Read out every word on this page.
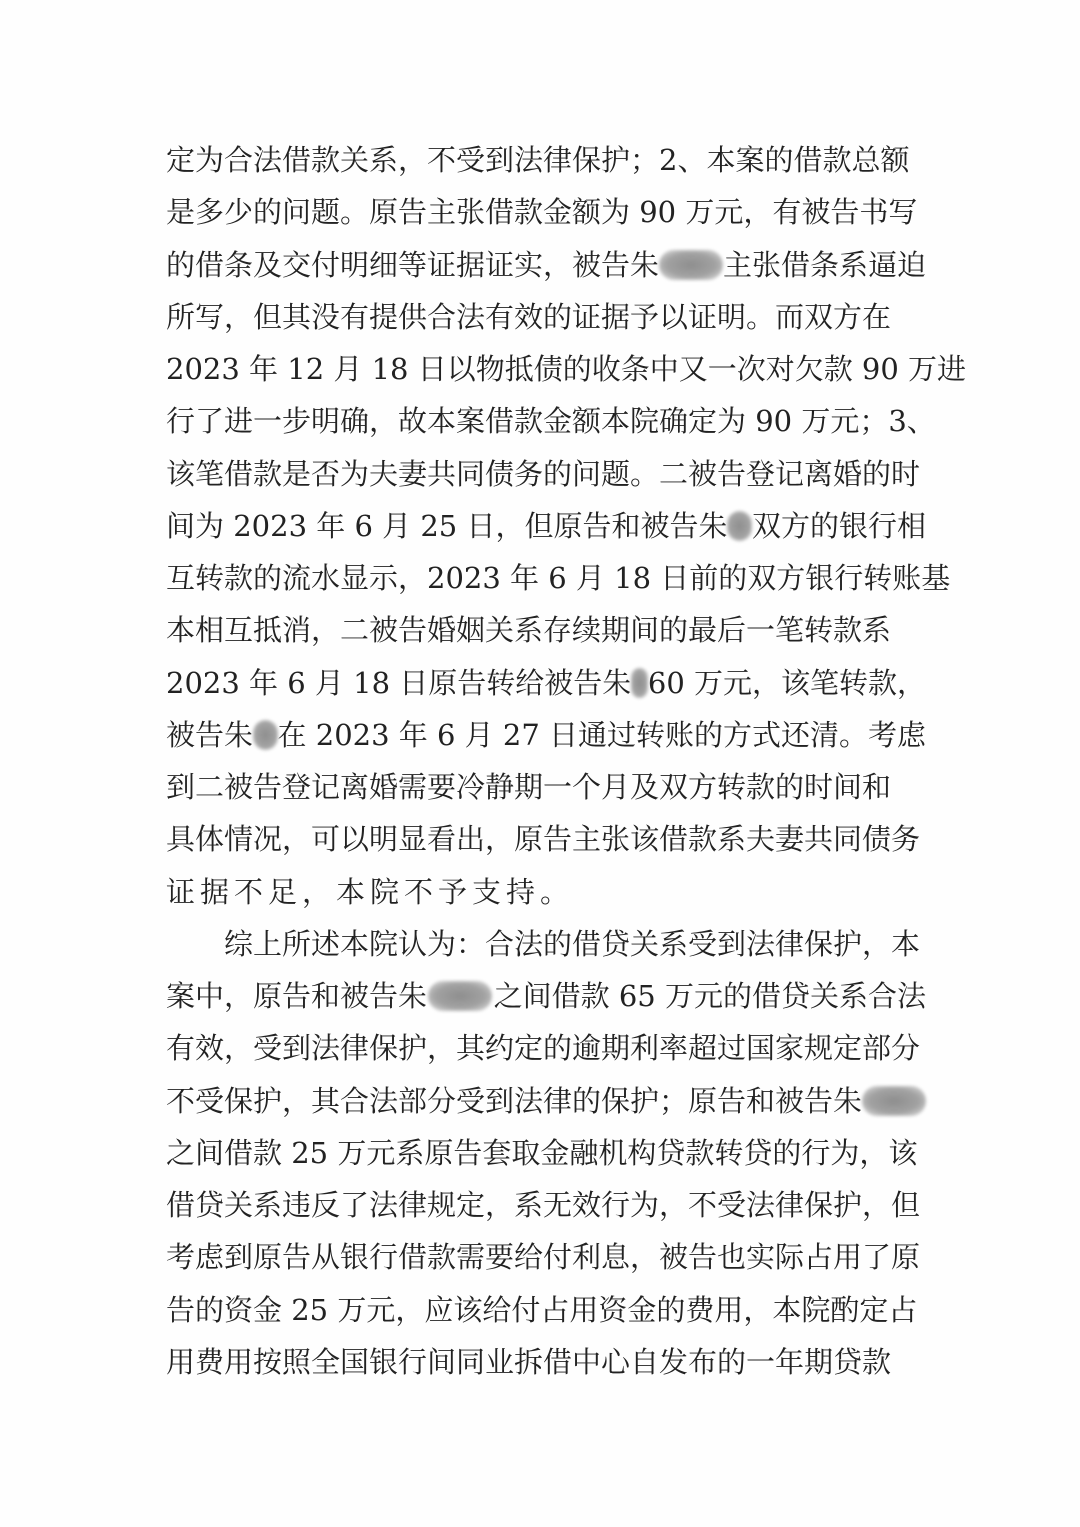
定为合法借款关系，不受到法律保护；2、本案的借款总额
是多少的问题。原告主张借款金额为 90 万元，有被告书写
的借条及交付明细等证据证实，被告朱 主张借条系逼迫
所写，但其没有提供合法有效的证据予以证明。而双方在
2023 年 12 月 18 日以物抵债的收条中又一次对欠款 90 万进
行了进一步明确，故本案借款金额本院确定为 90 万元；3、
该笔借款是否为夫妻共同债务的问题。二被告登记离婚的时
间为 2023 年 6 月 25 日，但原告和被告朱 双方的银行相
互转款的流水显示，2023 年 6 月 18 日前的双方银行转账基
本相互抵消，二被告婚姻关系存续期间的最后一笔转款系
2023 年 6 月 18 日原告转给被告朱 60 万元，该笔转款，
被告朱 在 2023 年 6 月 27 日通过转账的方式还清。考虑
到二被告登记离婚需要冷静期一个月及双方转款的时间和
具体情况，可以明显看出，原告主张该借款系夫妻共同债务
证据不足，本院不予支持。
综上所述本院认为：合法的借贷关系受到法律保护，本
案中，原告和被告朱 之间借款 65 万元的借贷关系合法
有效，受到法律保护，其约定的逾期利率超过国家规定部分
不受保护，其合法部分受到法律的保护；原告和被告朱
之间借款 25 万元系原告套取金融机构贷款转贷的行为，该
借贷关系违反了法律规定，系无效行为，不受法律保护，但
考虑到原告从银行借款需要给付利息，被告也实际占用了原
告的资金 25 万元，应该给付占用资金的费用，本院酌定占
用费用按照全国银行间同业拆借中心自发布的一年期贷款
